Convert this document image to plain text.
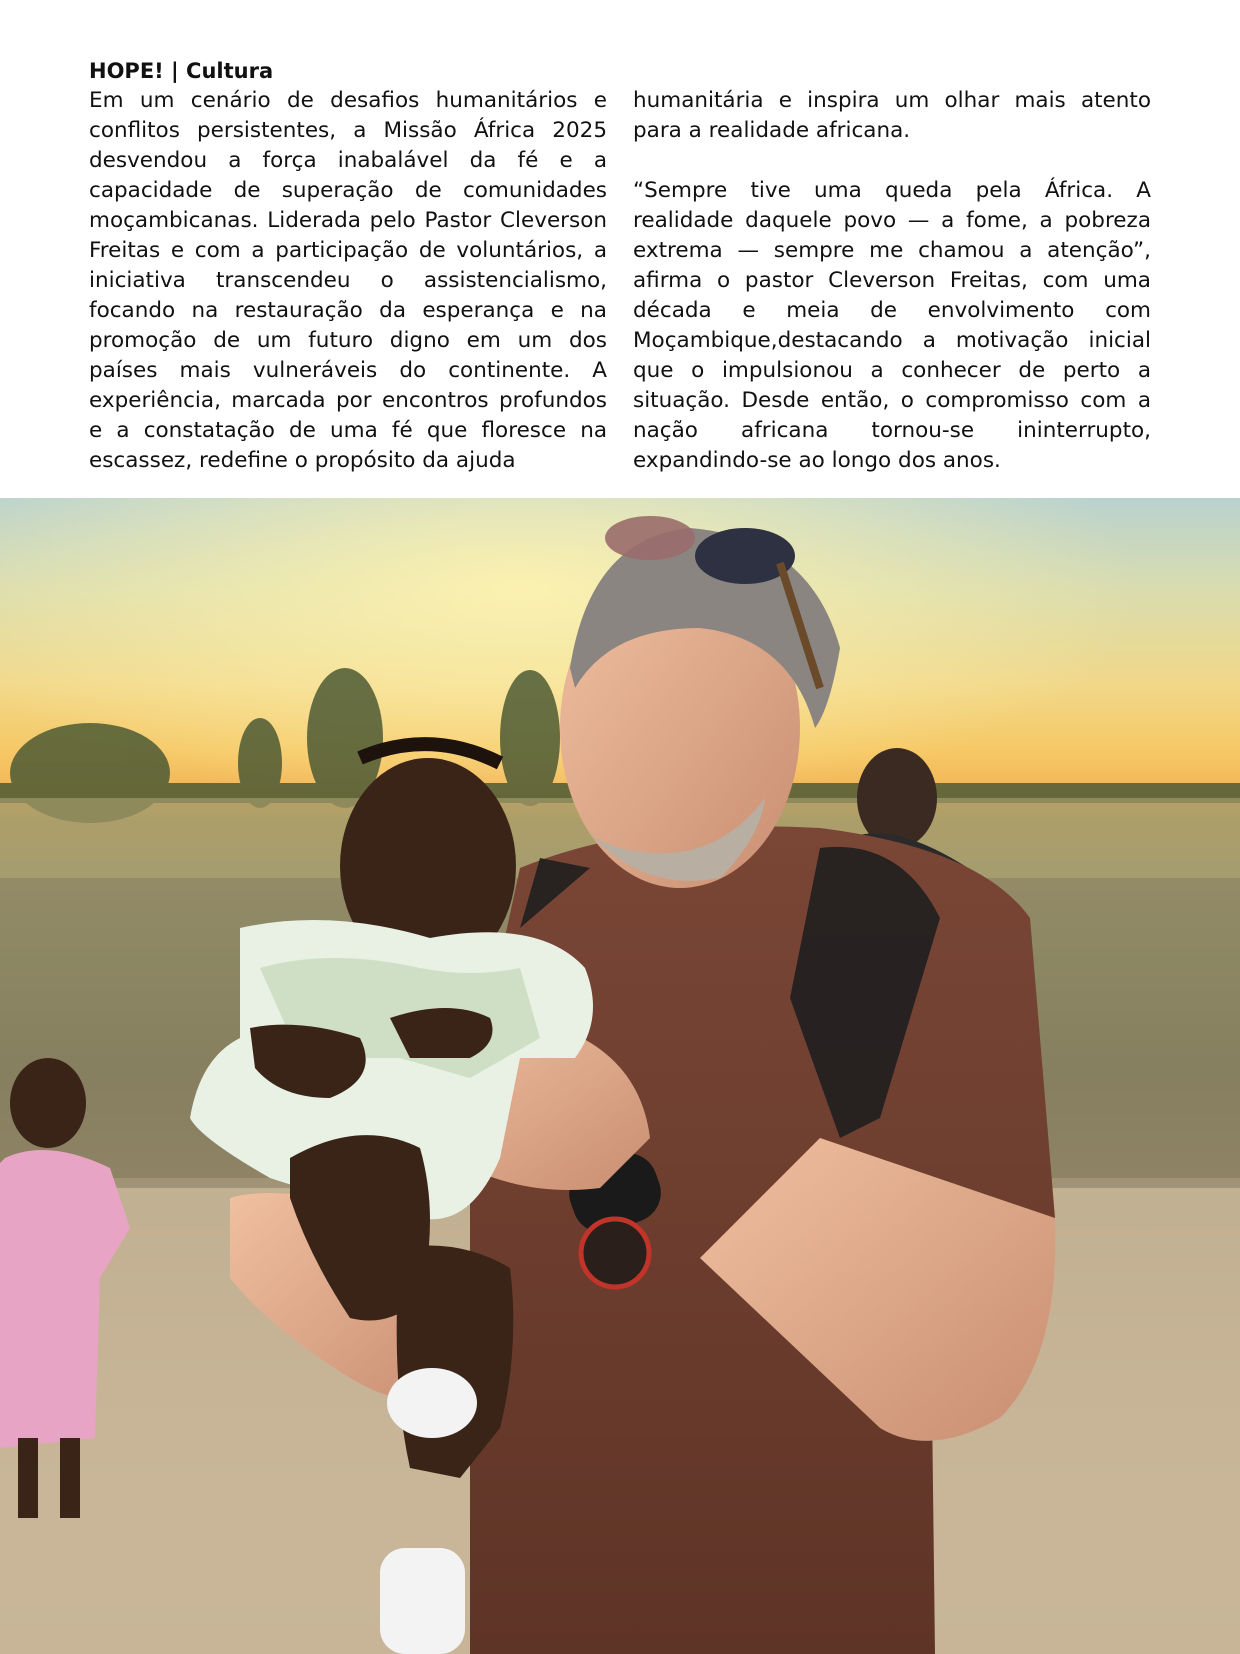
HOPE! | Cultura

Em um cenário de desafios humanitários e conflitos persistentes, a Missão África 2025 desvendou a força inabalável da fé e a capacidade de superação de comunidades moçambicanas. Liderada pelo Pastor Cleverson Freitas e com a participação de voluntários, a iniciativa transcendeu o assistencialismo, focando na restauração da esperança e na promoção de um futuro digno em um dos países mais vulneráveis do continente. A experiência, marcada por encontros profundos e a constatação de uma fé que floresce na escassez, redefine o propósito da ajuda

humanitária e inspira um olhar mais atento para a realidade africana.

“Sempre tive uma queda pela África. A realidade daquele povo — a fome, a pobreza extrema — sempre me chamou a atenção”, afirma o pastor Cleverson Freitas, com uma década e meia de envolvimento com Moçambique,destacando a motivação inicial que o impulsionou a conhecer de perto a situação. Desde então, o compromisso com a nação africana tornou-se ininterrupto, expandindo-se ao longo dos anos.
